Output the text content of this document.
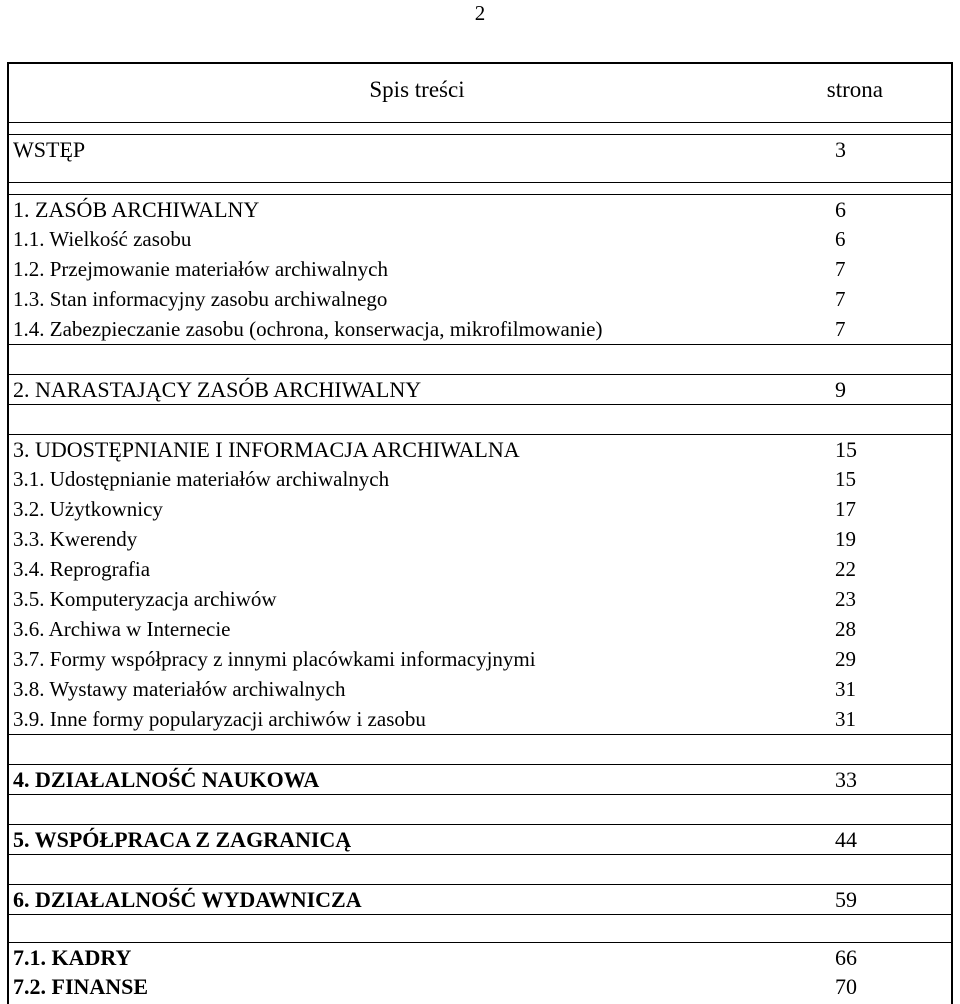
2
Spis treści	strona
WSTĘP	3
1. ZASÓB ARCHIWALNY	6
1.1. Wielkość zasobu	6
1.2. Przejmowanie materiałów archiwalnych	7
1.3. Stan informacyjny zasobu archiwalnego	7
1.4. Zabezpieczanie zasobu (ochrona, konserwacja, mikrofilmowanie)	7
2. NARASTAJĄCY ZASÓB ARCHIWALNY	9
3. UDOSTĘPNIANIE I INFORMACJA ARCHIWALNA	15
3.1. Udostępnianie materiałów archiwalnych	15
3.2. Użytkownicy	17
3.3. Kwerendy	19
3.4. Reprografia	22
3.5. Komputeryzacja archiwów	23
3.6. Archiwa w Internecie	28
3.7. Formy współpracy z innymi placówkami informacyjnymi	29
3.8. Wystawy materiałów archiwalnych	31
3.9. Inne formy popularyzacji archiwów i zasobu	31
4. DZIAŁALNOŚĆ NAUKOWA	33
5. WSPÓŁPRACA Z ZAGRANICĄ	44
6. DZIAŁALNOŚĆ WYDAWNICZA	59
7.1. KADRY	66
7.2. FINANSE	70
